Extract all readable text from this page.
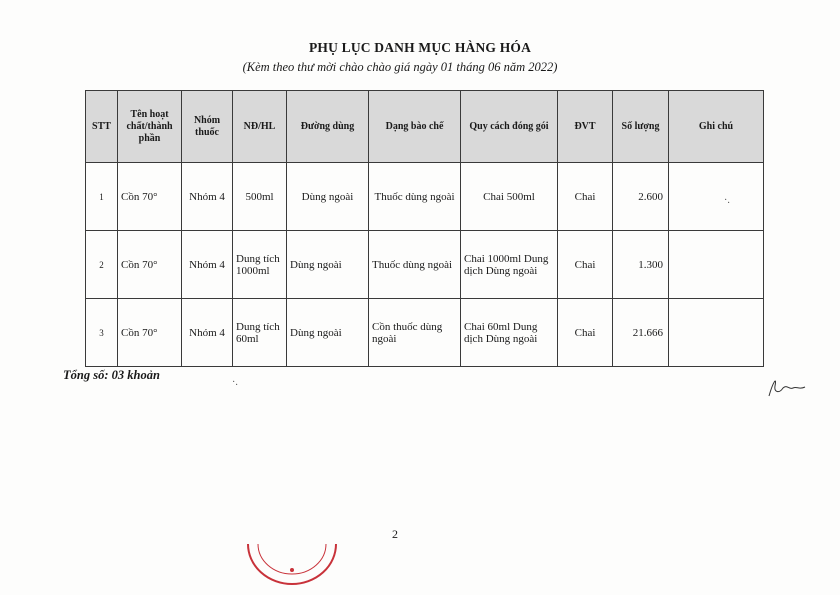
PHỤ LỤC DANH MỤC HÀNG HÓA
(Kèm theo thư mời chào chào giá ngày 01 tháng 06 năm 2022)
STT	Tên hoạt chất/thành phần	Nhóm thuốc	NĐ/HL	Đường dùng	Dạng bào chế	Quy cách đóng gói	ĐVT	Số lượng	Ghi chú
1	Cồn 70°	Nhóm 4	500ml	Dùng ngoài	Thuốc dùng ngoài	Chai 500ml	Chai	2.600	
2	Cồn 70°	Nhóm 4	Dung tích 1000ml	Dùng ngoài	Thuốc dùng ngoài	Chai 1000ml Dung dịch Dùng ngoài	Chai	1.300	
3	Cồn 70°	Nhóm 4	Dung tích 60ml	Dùng ngoài	Cồn thuốc dùng ngoài	Chai 60ml Dung dịch Dùng ngoài	Chai	21.666	
Tổng số: 03 khoản
·.
·.
2
